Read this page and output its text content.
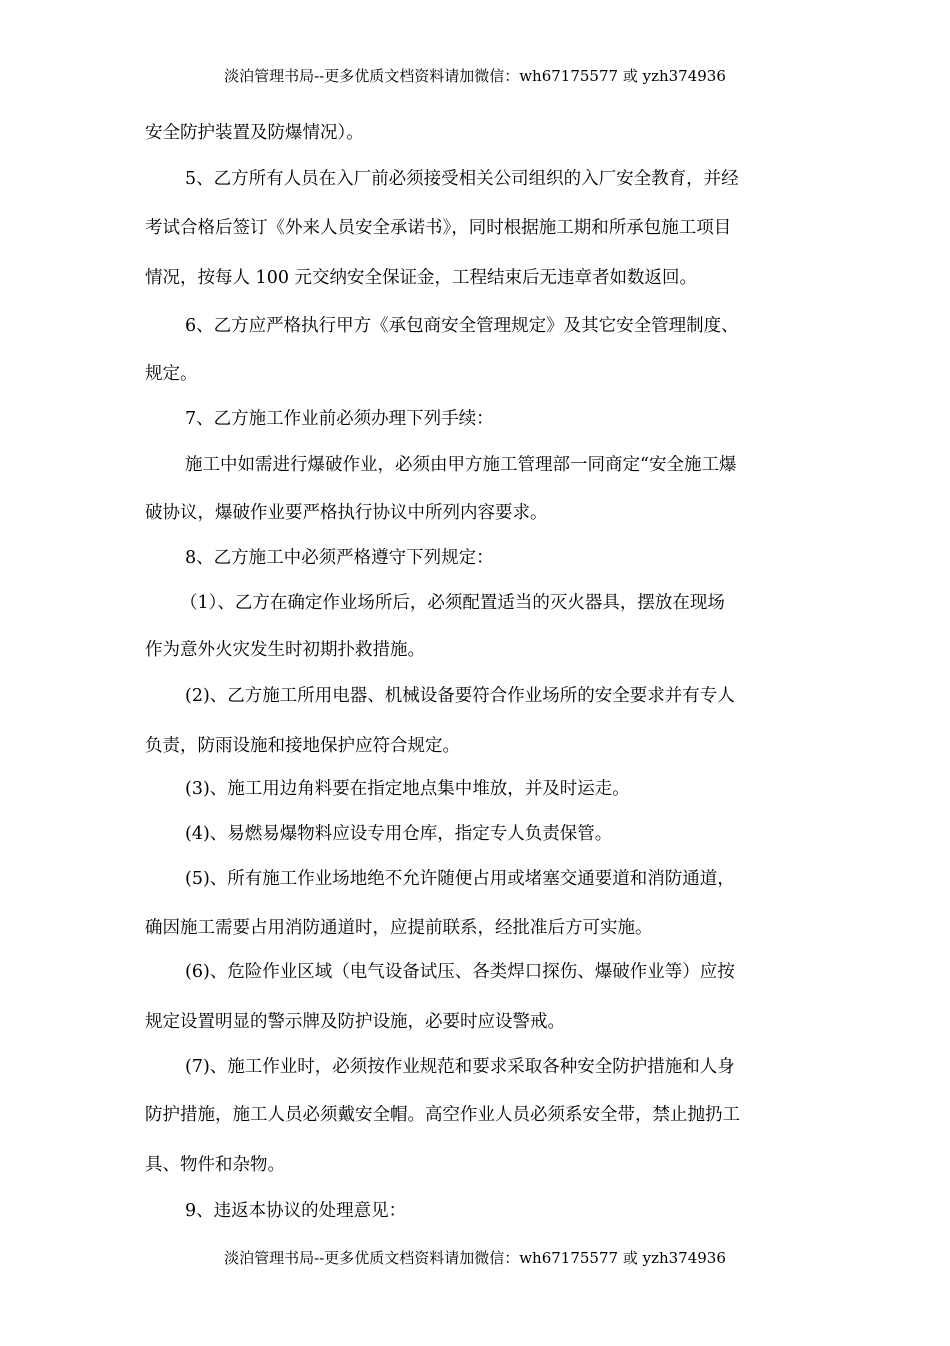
淡泊管理书局--更多优质文档资料请加微信：wh67175577 或 yzh374936

安全防护装置及防爆情况）。

5、乙方所有人员在入厂前必须接受相关公司组织的入厂安全教育，并经

考试合格后签订《外来人员安全承诺书》，同时根据施工期和所承包施工项目

情况，按每人 100 元交纳安全保证金，工程结束后无违章者如数返回。

6、乙方应严格执行甲方《承包商安全管理规定》及其它安全管理制度、

规定。

7、乙方施工作业前必须办理下列手续：

施工中如需进行爆破作业，必须由甲方施工管理部一同商定“安全施工爆

破协议，爆破作业要严格执行协议中所列内容要求。

8、乙方施工中必须严格遵守下列规定：

（1）、乙方在确定作业场所后，必须配置适当的灭火器具，摆放在现场

作为意外火灾发生时初期扑救措施。

(2)、乙方施工所用电器、机械设备要符合作业场所的安全要求并有专人

负责，防雨设施和接地保护应符合规定。

(3)、施工用边角料要在指定地点集中堆放，并及时运走。

(4)、易燃易爆物料应设专用仓库，指定专人负责保管。

(5)、所有施工作业场地绝不允许随便占用或堵塞交通要道和消防通道，

确因施工需要占用消防通道时，应提前联系，经批准后方可实施。

(6)、危险作业区域（电气设备试压、各类焊口探伤、爆破作业等）应按

规定设置明显的警示牌及防护设施，必要时应设警戒。

(7)、施工作业时，必须按作业规范和要求采取各种安全防护措施和人身

防护措施，施工人员必须戴安全帽。高空作业人员必须系安全带，禁止抛扔工

具、物件和杂物。

9、违返本协议的处理意见：

淡泊管理书局--更多优质文档资料请加微信：wh67175577 或 yzh374936
